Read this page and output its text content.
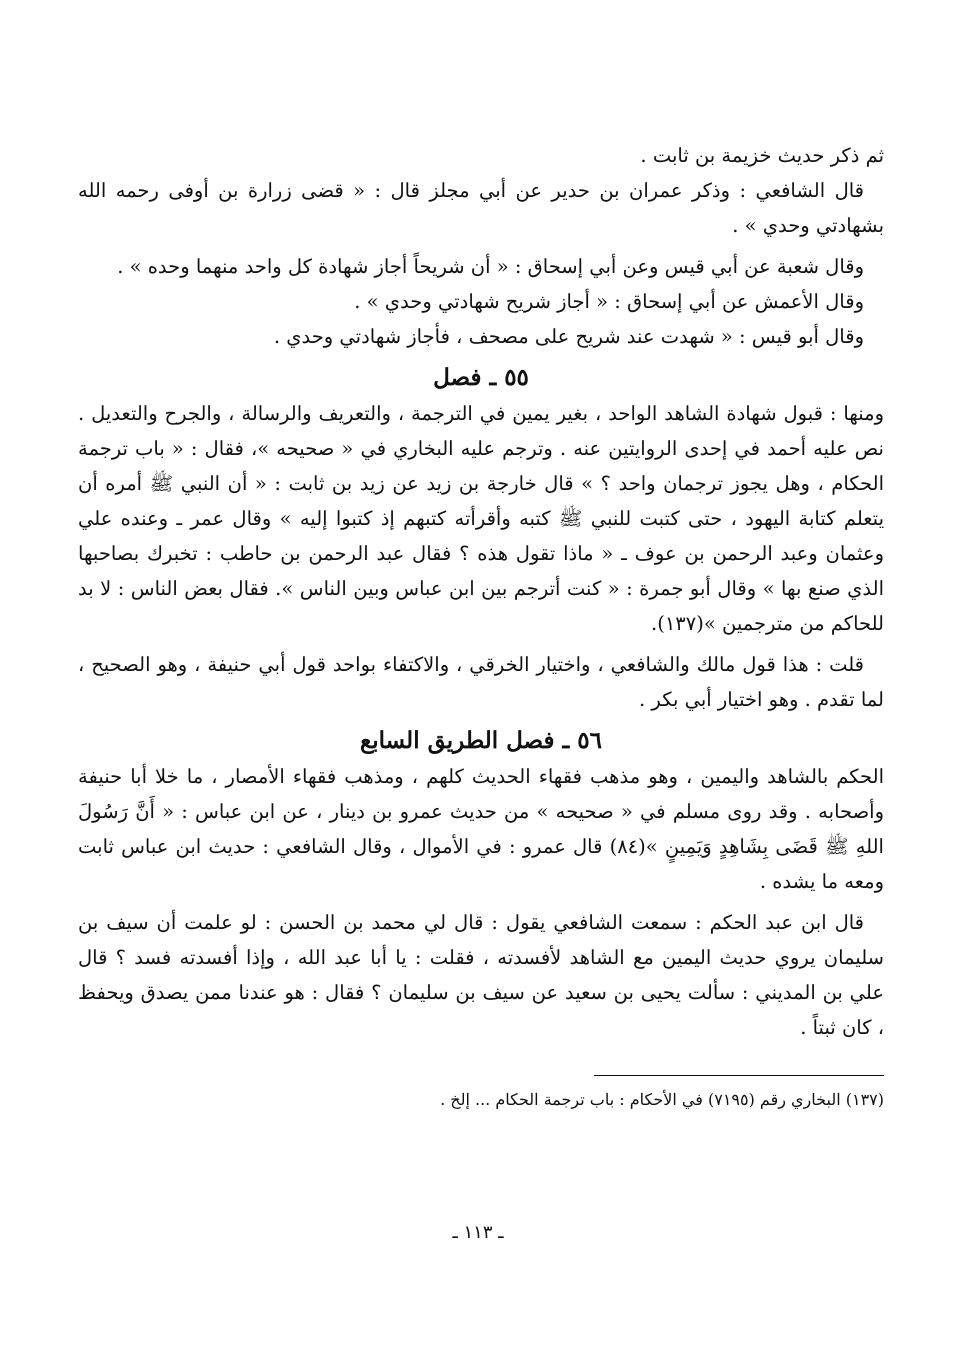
ثم ذكر حديث خزيمة بن ثابت .

قال الشافعي : وذكر عمران بن حدير عن أبي مجلز قال : « قضى زرارة بن أوفى رحمه الله بشهادتي وحدي » .

وقال شعبة عن أبي قيس وعن أبي إسحاق : « أن شريحاً أجاز شهادة كل واحد منهما وحده » .

وقال الأعمش عن أبي إسحاق : « أجاز شريح شهادتي وحدي » .

وقال أبو قيس : « شهدت عند شريح على مصحف ، فأجاز شهادتي وحدي .

٥٥ ـ فصل

ومنها : قبول شهادة الشاهد الواحد ، بغير يمين في الترجمة ، والتعريف والرسالة ، والجرح والتعديل . نص عليه أحمد في إحدى الروايتين عنه . وترجم عليه البخاري في « صحيحه »، فقال : « باب ترجمة الحكام ، وهل يجوز ترجمان واحد ؟ » قال خارجة بن زيد عن زيد بن ثابت : « أن النبي ﷺ أمره أن يتعلم كتابة اليهود ، حتى كتبت للنبي ﷺ كتبه وأقرأته كتبهم إذ كتبوا إليه » وقال عمر ـ وعنده علي وعثمان وعبد الرحمن بن عوف ـ « ماذا تقول هذه ؟ فقال عبد الرحمن بن حاطب : تخبرك بصاحبها الذي صنع بها » وقال أبو جمرة : « كنت أترجم بين ابن عباس وبين الناس ». فقال بعض الناس : لا بد للحاكم من مترجمين »(١٣٧).

قلت : هذا قول مالك والشافعي ، واختيار الخرقي ، والاكتفاء بواحد قول أبي حنيفة ، وهو الصحيح ، لما تقدم . وهو اختيار أبي بكر .

٥٦ ـ فصل الطريق السابع

الحكم بالشاهد واليمين ، وهو مذهب فقهاء الحديث كلهم ، ومذهب فقهاء الأمصار ، ما خلا أبا حنيفة وأصحابه . وقد روى مسلم في « صحيحه » من حديث عمرو بن دينار ، عن ابن عباس : « أَنَّ رَسُولَ اللهِ ﷺ قَضَى بِشَاهِدٍ وَيَمِينٍ »(٨٤) قال عمرو : في الأموال ، وقال الشافعي : حديث ابن عباس ثابت ومعه ما يشده .

قال ابن عبد الحكم : سمعت الشافعي يقول : قال لي محمد بن الحسن : لو علمت أن سيف بن سليمان يروي حديث اليمين مع الشاهد لأفسدته ، فقلت : يا أبا عبد الله ، وإذا أفسدته فسد ؟ قال علي بن المديني : سألت يحيى بن سعيد عن سيف بن سليمان ؟ فقال : هو عندنا ممن يصدق ويحفظ ، كان ثبتاً .

(١٣٧) البخاري رقم (٧١٩٥) في الأحكام : باب ترجمة الحكام ... إلخ .

ـ ١١٣ ـ
